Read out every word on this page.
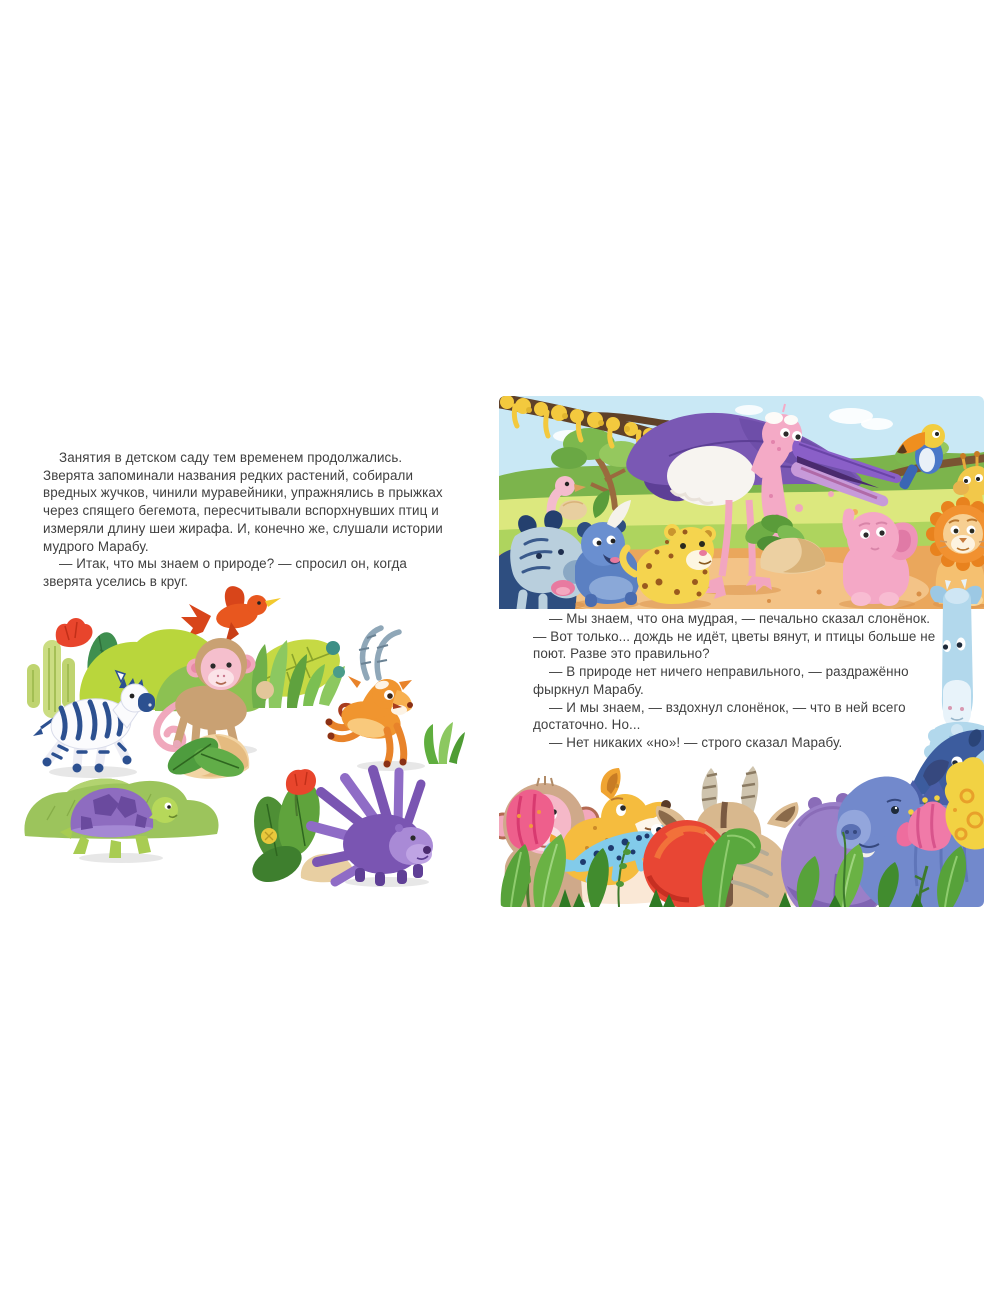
Занятия в детском саду тем временем продолжались. Зверята запоминали названия редких растений, собирали вредных жучков, чинили муравейники, упражнялись в прыжках через спящего бегемота, пересчитывали вспорхнувших птиц и измеряли длину шеи жирафа. И, конечно же, слушали истории мудрого Марабу.

— Итак, что мы знаем о природе? — спросил он, когда зверята уселись в круг.

— Мы знаем, что она мудрая, — печально сказал слонёнок. — Вот только... дождь не идёт, цветы вянут, и птицы больше не поют. Разве это правильно?

— В природе нет ничего неправильного, — раздражённо фыркнул Марабу.

— И мы знаем, — вздохнул слонёнок, — что в ней всего достаточно. Но...

— Нет никаких «но»! — строго сказал Марабу.
